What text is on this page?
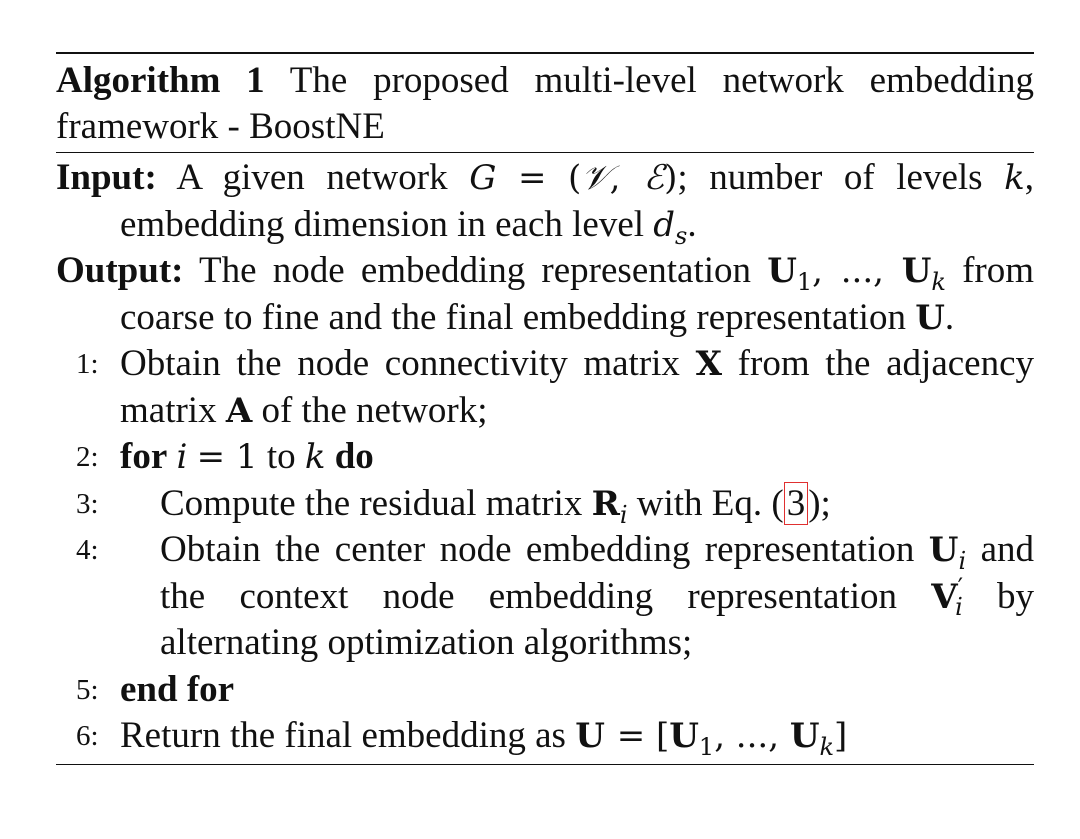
Algorithm 1 The proposed multi-level network embedding framework - BoostNE
Input: A given network G = (𝒱, ℰ); number of levels k, embedding dimension in each level $d_s$.
Output: The node embedding representation $U_1$, ..., $U_k$ from coarse to fine and the final embedding representation U.
1: Obtain the node connectivity matrix X from the adjacency matrix A of the network;
2: for i = 1 to k do
3: Compute the residual matrix $R_i$ with Eq. (3);
4: Obtain the center node embedding representation $U_i$ and the context node embedding representation $V'_i$ by alternating optimization algorithms;
5: end for
6: Return the final embedding as $U = [U_1$, ..., $U_k$]
